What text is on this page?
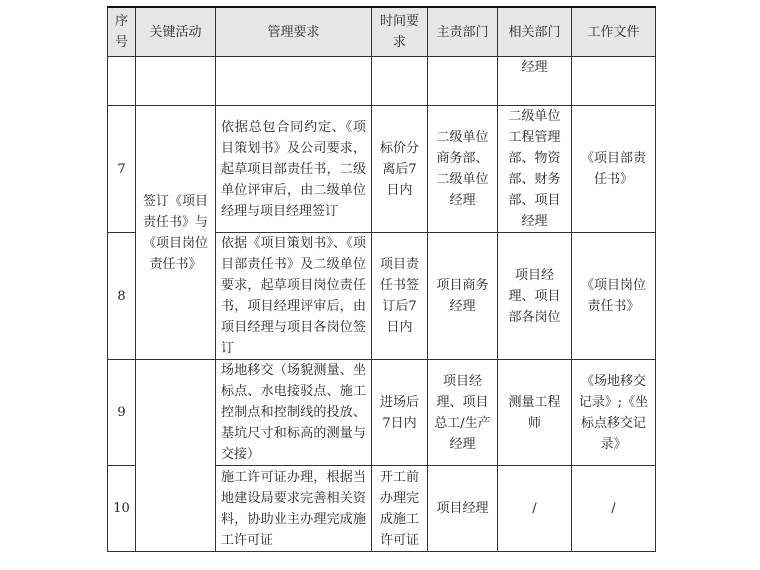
序号	关键活动	管理要求	时间要求	主责部门	相关部门	工作文件
					经理	
7	签订《项目责任书》与《项目岗位责任书》	依据总包合同约定、《项目策划书》及公司要求，起草项目部责任书，二级单位评审后，由二级单位经理与项目经理签订	标价分离后7日内	二级单位商务部、二级单位经理	二级单位工程管理部、物资部、财务部、项目经理	《项目部责任书》
8		依据《项目策划书》、《项目部责任书》及二级单位要求，起草项目岗位责任书，项目经理评审后，由项目经理与项目各岗位签订	项目责任书签订后7日内	项目商务经理	项目经理、项目部各岗位	《项目岗位责任书》
9		场地移交（场貌测量、坐标点、水电接驳点、施工控制点和控制线的投放、基坑尺寸和标高的测量与交接）	进场后7日内	项目经理、项目总工/生产经理	测量工程师	《场地移交记录》;《坐标点移交记录》
10		施工许可证办理，根据当地建设局要求完善相关资料，协助业主办理完成施工许可证	开工前办理完成施工许可证	项目经理	/	/
